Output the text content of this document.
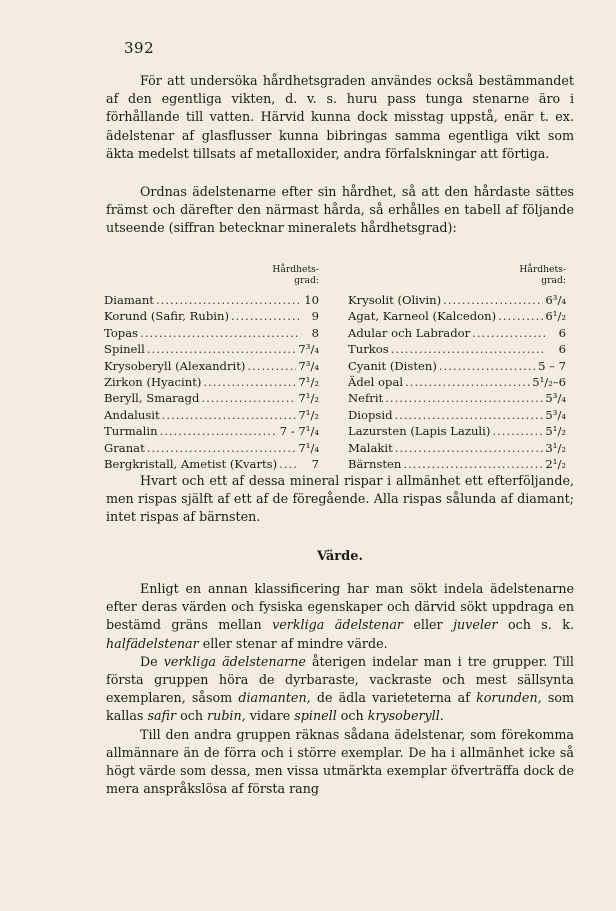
392

För att undersöka hårdhetsgraden användes också bestämmandet af den egentliga vikten, d. v. s. huru pass tunga stenarne äro i förhållande till vatten. Härvid kunna dock misstag uppstå, enär t. ex. ädelstenar af glasflusser kunna bibringas samma egentliga vikt som äkta medelst tillsats af metalloxider, andra förfalskningar att förtiga.

Ordnas ädelstenarne efter sin hårdhet, så att den hårdaste sättes främst och därefter den närmast hårda, så erhålles en tabell af följande utseende (siffran betecknar mineralets hårdhetsgrad):

Hårdhets-
grad:
Diamant .....	10
Korund (Safir, Rubin) .....	9
Topas .....	8
Spinell .....	7³/₄
Krysoberyll (Alexandrit) .....	7³/₄
Zirkon (Hyacint) .....	7¹/₂
Beryll, Smaragd .....	7¹/₂
Andalusit .....	7¹/₂
Turmalin .....	7 - 7¹/₄
Granat .....	7¹/₄
Bergkristall, Ametist (Kvarts) .....	7
Hårdhets-
grad:
Krysolit (Olivin) .....	6³/₄
Agat, Karneol (Kalcedon) .....	6¹/₂
Adular och Labrador .....	6
Turkos .....	6
Cyanit (Disten) .....	5 – 7
Ädel opal .....	5¹/₂–6
Nefrit .....	5³/₄
Diopsid .....	5³/₄
Lazursten (Lapis Lazuli) .....	5¹/₂
Malakit .....	3¹/₂
Bärnsten .....	2¹/₂

Hvart och ett af dessa mineral rispar i allmänhet ett efterföljande, men rispas själft af ett af de föregående. Alla rispas sålunda af diamant; intet rispas af bärnsten.

Värde.

Enligt en annan klassificering har man sökt indela ädelstenarne efter deras värden och fysiska egenskaper och därvid sökt uppdraga en bestämd gräns mellan verkliga ädelstenar eller juveler och s. k. halfädelstenar eller stenar af mindre värde.

De verkliga ädelstenarne återigen indelar man i tre grupper. Till första gruppen höra de dyrbaraste, vackraste och mest sällsynta exemplaren, såsom diamanten, de ädla varieteterna af korunden, som kallas safir och rubin, vidare spinell och krysoberyll.

Till den andra gruppen räknas sådana ädelstenar, som förekomma allmännare än de förra och i större exemplar. De ha i allmänhet icke så högt värde som dessa, men vissa utmärkta exemplar öfverträffa dock de mera anspråkslösa af första rang
